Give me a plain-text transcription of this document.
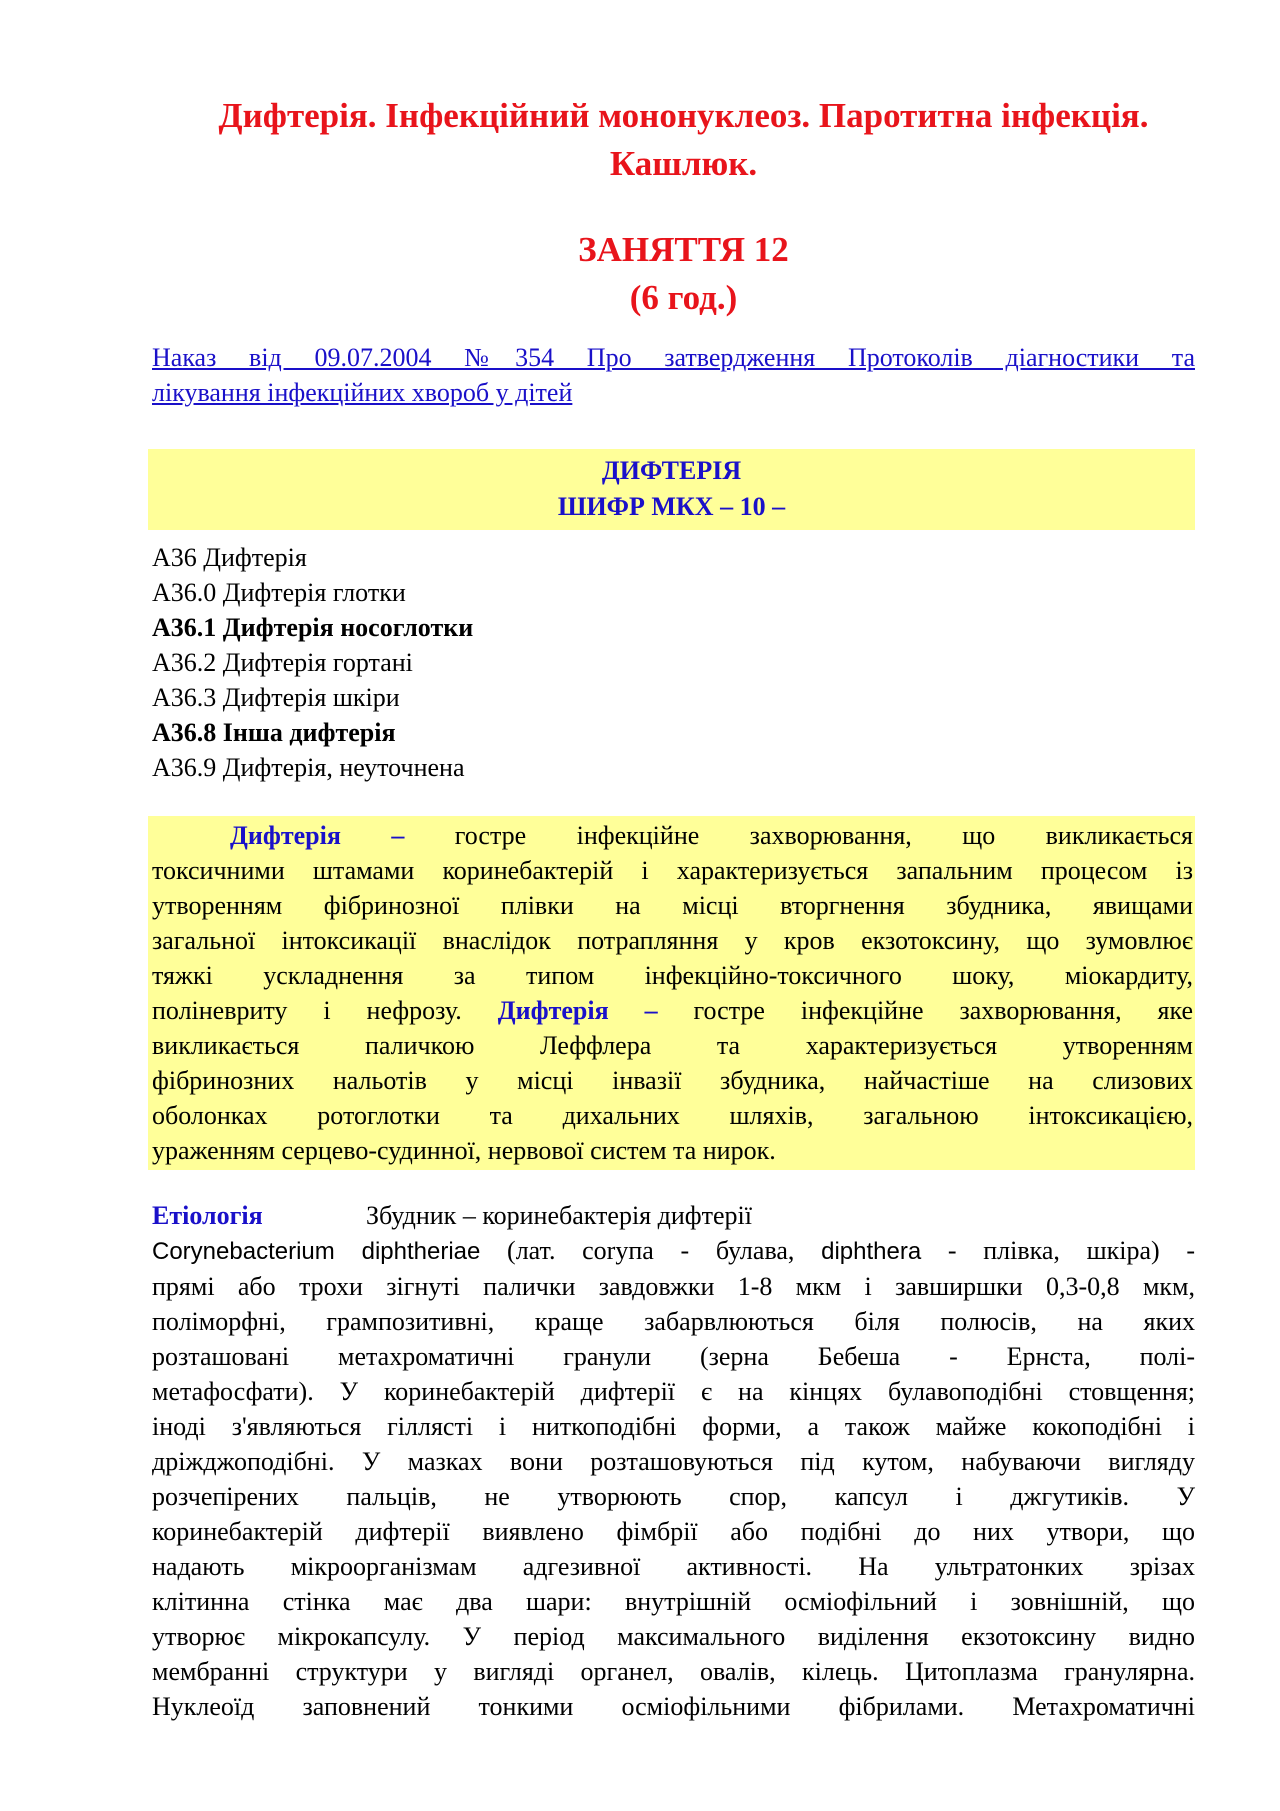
Дифтерія. Інфекційний мононуклеоз. Паротитна інфекція.
Кашлюк.
ЗАНЯТТЯ 12
(6 год.)
Наказ від 09.07.2004 №354 Про затвердження Протоколів діагностики та
лікування інфекційних хвороб у дітей
ДИФТЕРІЯ
ШИФР МКХ – 10 –
А36 Дифтерія
А36.0 Дифтерія глотки
А36.1 Дифтерія носоглотки
А36.2 Дифтерія гортані
А36.3 Дифтерія шкіри
А36.8 Інша дифтерія
А36.9 Дифтерія, неуточнена
Дифтерія – гостре інфекційне захворювання, що викликається
токсичними штамами коринебактерій і характеризується запальним процесом із
утворенням фібринозної плівки на місці вторгнення збудника, явищами
загальної інтоксикації внаслідок потрапляння у кров екзотоксину, що зумовлює
тяжкі ускладнення за типом інфекційно-токсичного шоку, міокардиту,
поліневриту і нефрозу. Дифтерія – гостре інфекційне захворювання, яке
викликається паличкою Леффлера та характеризується утворенням
фібринозних нальотів у місці інвазії збудника, найчастіше на слизових
оболонках ротоглотки та дихальних шляхів, загальною інтоксикацією,
ураженням серцево-судинної, нервової систем та нирок.
Етіологія	Збудник – коринебактерія дифтерії
Corynebacterium diphtheriae (лат. corупа - булава, diphthera - плівка, шкіра) -
прямі або трохи зігнуті палички завдовжки 1-8 мкм і завширшки 0,3-0,8 мкм,
поліморфні, грампозитивні, краще забарвлюються біля полюсів, на яких
розташовані метахроматичні гранули (зерна Бебеша - Ернста, полі-
метафосфати). У коринебактерій дифтерії є на кінцях булавоподібні стовщення;
іноді з'являються гіллясті і ниткоподібні форми, а також майже кокоподібні і
дріжджоподібні. У мазках вони розташовуються під кутом, набуваючи вигляду
розчепірених пальців, не утворюють спор, капсул і джгутиків. У
коринебактерій дифтерії виявлено фімбрії або подібні до них утвори, що
надають мікроорганізмам адгезивної активності. На ультратонких зрізах
клітинна стінка має два шари: внутрішній осміофільний і зовнішній, що
утворює мікрокапсулу. У період максимального виділення екзотоксину видно
мембранні структури у вигляді органел, овалів, кілець. Цитоплазма гранулярна.
Нуклеоїд заповнений тонкими осміофільними фібрилами. Метахроматичні
